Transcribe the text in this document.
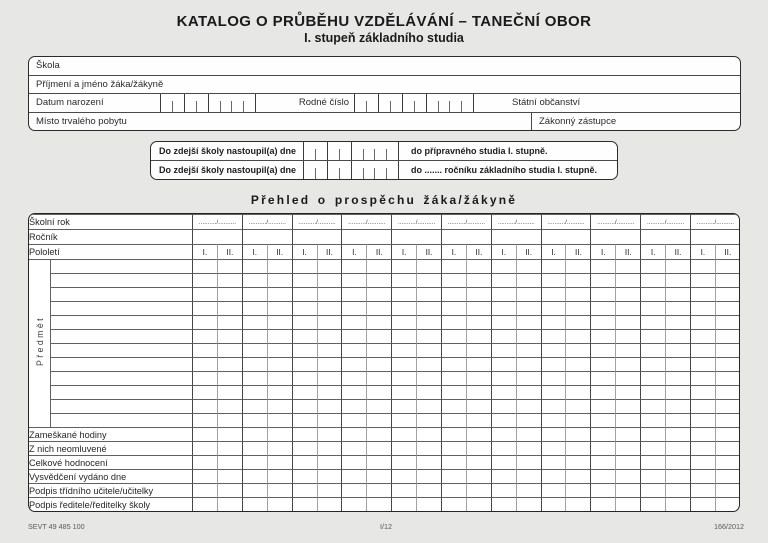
KATALOG O PRŮBĚHU VZDĚLÁVÁNÍ – TANEČNÍ OBOR
I. stupeň základního studia
Škola
Příjmení a jméno žáka/žákyně
Datum narození	Rodné číslo	Státní občanství
Místo trvalého pobytu	Zákonný zástupce
Do zdejší školy nastoupil(a) dne	do přípravného studia I. stupně.
Do zdejší školy nastoupil(a) dne	do ....... ročníku základního studia I. stupně.
Přehled o prospěchu žáka/žákyně
Školní rok		........../..........		........../..........		........../..........		........../..........		........../..........		........../..........		........../..........		........../..........		........../..........		........../..........		........../..........	
Ročník																							
Pololetí		I.	II.	I.	II.	I.	II.	I.	II.	I.	II.	I.	II.	I.	II.	I.	II.	I.	II.	I.	II.	I.	II.
Předmět																							

Zameškané hodiny																							
Z nich neomluvené																							
Celkové hodnocení																							
Vysvědčení vydáno dne																							
Podpis třídního učitele/učitelky																							
Podpis ředitele/ředitelky školy																							
SEVT 49 485 100	I/12	166/2012
